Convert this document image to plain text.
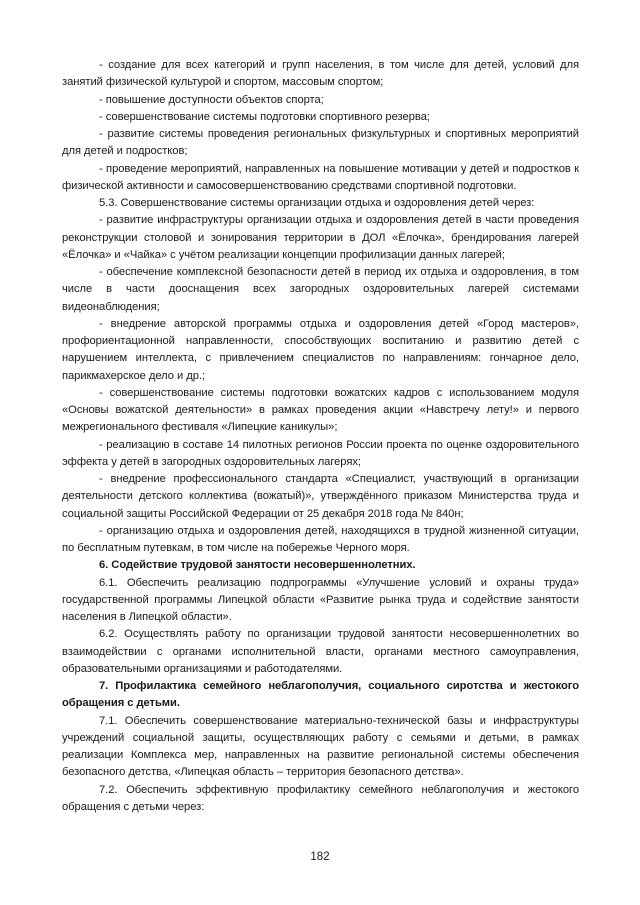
- создание для всех категорий и групп населения, в том числе для детей, условий для занятий физической культурой и спортом, массовым спортом;

- повышение доступности объектов спорта;

- совершенствование системы подготовки спортивного резерва;

- развитие системы проведения региональных физкультурных и спортивных мероприятий для детей и подростков;

- проведение мероприятий, направленных на повышение мотивации у детей и подростков к физической активности и самосовершенствованию средствами спортивной подготовки.

5.3. Совершенствование системы организации отдыха и оздоровления детей через:

- развитие инфраструктуры организации отдыха и оздоровления детей в части проведения реконструкции столовой и зонирования территории в ДОЛ «Ёлочка», брендирования лагерей «Ёлочка» и «Чайка» с учётом реализации концепции профилизации данных лагерей;

- обеспечение комплексной безопасности детей в период их отдыха и оздоровления, в том числе в части дооснащения всех загородных оздоровительных лагерей системами видеонаблюдения;

- внедрение авторской программы отдыха и оздоровления детей «Город мастеров», профориентационной направленности, способствующих воспитанию и развитию детей с нарушением интеллекта, с привлечением специалистов по направлениям: гончарное дело, парикмахерское дело и др.;

- совершенствование системы подготовки вожатских кадров с использованием модуля «Основы вожатской деятельности» в рамках проведения акции «Навстречу лету!» и первого межрегионального фестиваля «Липецкие каникулы»;

- реализацию в составе 14 пилотных регионов России проекта по оценке оздоровительного эффекта у детей в загородных оздоровительных лагерях;

- внедрение профессионального стандарта «Специалист, участвующий в организации деятельности детского коллектива (вожатый)», утверждённого приказом Министерства труда и социальной защиты Российской Федерации от 25 декабря 2018 года № 840н;

- организацию отдыха и оздоровления детей, находящихся в трудной жизненной ситуации, по бесплатным путевкам, в том числе на побережье Черного моря.

6. Содействие трудовой занятости несовершеннолетних.

6.1. Обеспечить реализацию подпрограммы «Улучшение условий и охраны труда» государственной программы Липецкой области «Развитие рынка труда и содействие занятости населения в Липецкой области».

6.2. Осуществлять работу по организации трудовой занятости несовершеннолетних во взаимодействии с органами исполнительной власти, органами местного самоуправления, образовательными организациями и работодателями.

7. Профилактика семейного неблагополучия, социального сиротства и жестокого обращения с детьми.

7.1. Обеспечить совершенствование материально-технической базы и инфраструктуры учреждений социальной защиты, осуществляющих работу с семьями и детьми, в рамках реализации Комплекса мер, направленных на развитие региональной системы обеспечения безопасного детства, «Липецкая область – территория безопасного детства».

7.2. Обеспечить эффективную профилактику семейного неблагополучия и жестокого обращения с детьми через:

182
